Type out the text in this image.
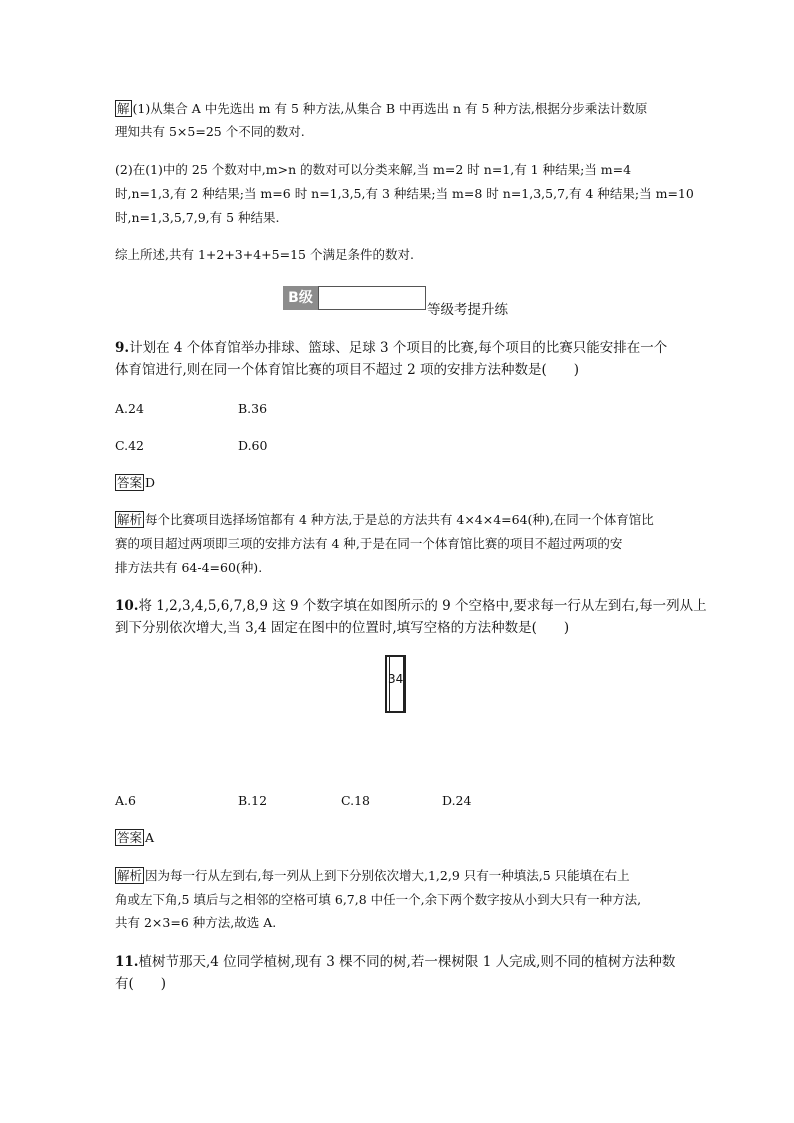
解 (1)从集合 A 中先选出 m 有 5 种方法,从集合 B 中再选出 n 有 5 种方法,根据分步乘法计数原
理知共有 5×5=25 个不同的数对.
(2)在(1)中的 25 个数对中,m>n 的数对可以分类来解,当 m=2 时 n=1,有 1 种结果;当 m=4
时,n=1,3,有 2 种结果;当 m=6 时 n=1,3,5,有 3 种结果;当 m=8 时 n=1,3,5,7,有 4 种结果;当 m=10
时,n=1,3,5,7,9,有 5 种结果.
综上所述,共有 1+2+3+4+5=15 个满足条件的数对.
B级
等级考提升练
9.计划在 4 个体育馆举办排球、篮球、足球 3 个项目的比赛,每个项目的比赛只能安排在一个
体育馆进行,则在同一个体育馆比赛的项目不超过 2 项的安排方法种数是(　　)
A.24	B.36
C.42	D.60
答案 D
解析 每个比赛项目选择场馆都有 4 种方法,于是总的方法共有 4×4×4=64(种),在同一个体育馆比
赛的项目超过两项即三项的安排方法有 4 种,于是在同一个体育馆比赛的项目不超过两项的安
排方法共有 64-4=60(种).
10.将 1,2,3,4,5,6,7,8,9 这 9 个数字填在如图所示的 9 个空格中,要求每一行从左到右,每一列从上
到下分别依次增大,当 3,4 固定在图中的位置时,填写空格的方法种数是(　　)
34
A.6	B.12	C.18	D.24
答案 A
解析 因为每一行从左到右,每一列从上到下分别依次增大,1,2,9 只有一种填法,5 只能填在右上
角或左下角,5 填后与之相邻的空格可填 6,7,8 中任一个,余下两个数字按从小到大只有一种方法,
共有 2×3=6 种方法,故选 A.
11.植树节那天,4 位同学植树,现有 3 棵不同的树,若一棵树限 1 人完成,则不同的植树方法种数
有(　　)
